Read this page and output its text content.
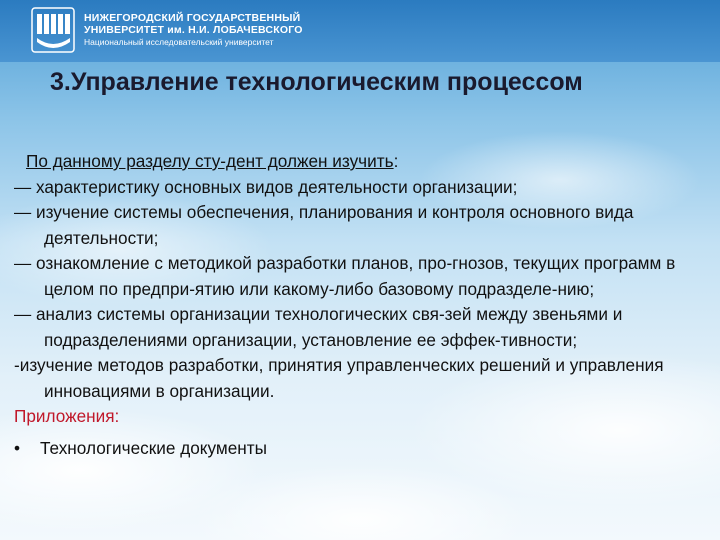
НИЖЕГОРОДСКИЙ ГОСУДАРСТВЕННЫЙ
УНИВЕРСИТЕТ им. Н.И. ЛОБАЧЕВСКОГО
Национальный исследовательский университет
3.Управление технологическим процессом
По данному разделу сту-дент должен изучить:
— характеристику основных видов деятельности организации;
— изучение системы обеспечения, планирования и контроля основного вида деятельности;
— ознакомление с методикой разработки планов, про-гнозов, текущих программ в целом по предпри-ятию или какому-либо базовому подразделе-нию;
— анализ системы организации технологических свя-зей между звеньями и подразделениями организации, установление ее эффек-тивности;
-изучение методов разработки, принятия управленческих решений и управления инновациями в организации.
Приложения:
• Технологические документы
